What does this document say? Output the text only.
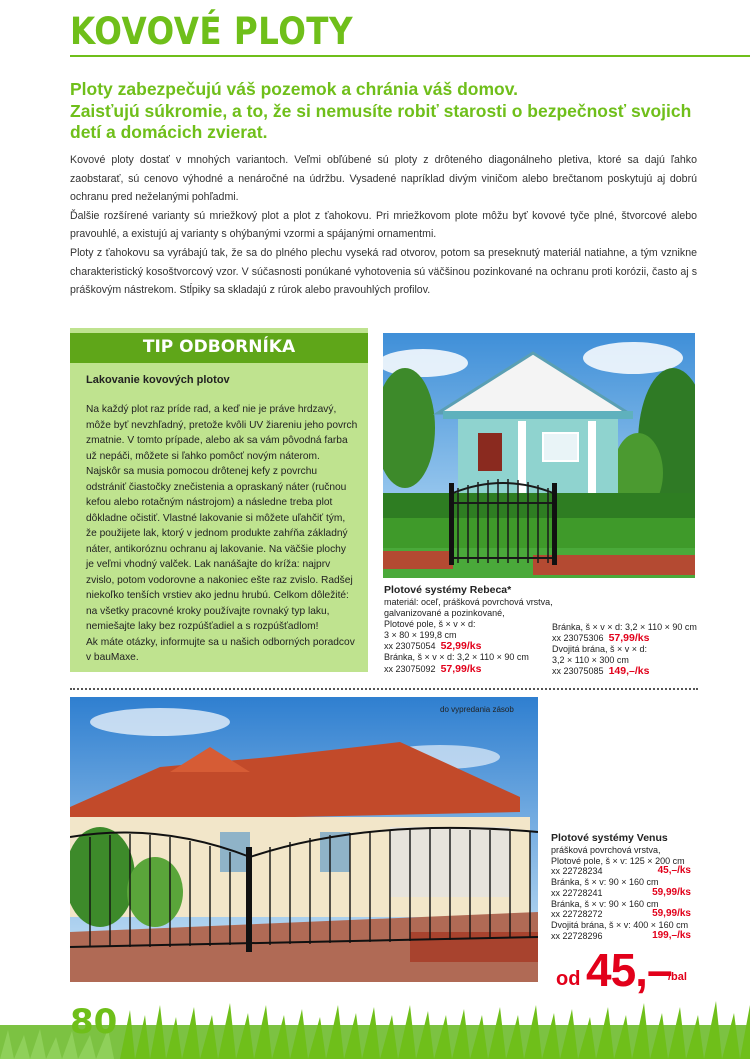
KOVOVÉ PLOTY
Ploty zabezpečujú váš pozemok a chránia váš domov.
Zaisťujú súkromie, a to, že si nemusíte robiť starosti o bezpečnosť svojich
detí a domácich zvierat.

Kovové ploty dostať v mnohých variantoch. Veľmi obľúbené sú ploty z drôteného diagonálneho pletiva, ktoré sa dajú ľahko zaobstarať, sú cenovo výhodné a nenáročné na údržbu. Vysadené napríklad divým viničom alebo brečtanom poskytujú aj dobrú ochranu pred neželanými pohľadmi.

Ďalšie rozšírené varianty sú mriežkový plot a plot z ťahokovu. Pri mriežkovom plote môžu byť kovové tyče plné, štvorcové alebo pravouhlé, a existujú aj varianty s ohýbanými vzormi a spájanými ornamentmi.

Ploty z ťahokovu sa vyrábajú tak, že sa do plného plechu vyseká rad otvorov, potom sa preseknutý materiál natiahne, a tým vznikne charakteristický kosoštvorcový vzor. V súčasnosti ponúkané vyhotovenia sú väčšinou pozinkované na ochranu proti korózii, často aj s práškovým nástrekom. Stĺpiky sa skladajú z rúrok alebo pravouhlých profilov.

TIP ODBORNÍKA
Lakovanie kovových plotov
Na každý plot raz príde rad, a keď nie je práve hrdzavý,
môže byť nevzhľadný, pretože kvôli UV žiareniu jeho povrch
zmatnie. V tomto prípade, alebo ak sa vám pôvodná farba
už nepáči, môžete si ľahko pomôcť novým náterom.
Najskôr sa musia pomocou drôtenej kefy z povrchu
odstrániť čiastočky znečistenia a opraskaný náter (ručnou
kefou alebo rotačným nástrojom) a následne treba plot
dôkladne očistiť. Vlastné lakovanie si môžete uľahčiť tým,
že použijete lak, ktorý v jednom produkte zahŕňa základný
náter, antikoróznu ochranu aj lakovanie. Na väčšie plochy
je veľmi vhodný valček. Lak nanášajte do kríža: najprv
zvislo, potom vodorovne a nakoniec ešte raz zvislo. Radšej
niekoľko tenších vrstiev ako jednu hrubú. Celkom dôležité:
na všetky pracovné kroky používajte rovnaký typ laku,
nemiešajte laky bez rozpúšťadiel a s rozpúšťadlom!
Ak máte otázky, informujte sa u našich odborných poradcov
v bauMaxe.
Plotové systémy Rebeca*
materiál: oceľ, prášková povrchová vrstva,
galvanizované a pozinkované,
Plotové pole, š × v × d:
3 × 80 × 199,8 cm
xx 23075054 52,99/ks
Bránka, š × v × d: 3,2 × 110 × 90 cm
xx 23075092 57,99/ks
Bránka, š × v × d: 3,2 × 110 × 90 cm
xx 23075306 57,99/ks
Dvojitá brána, š × v × d:
3,2 × 110 × 300 cm
xx 23075085 149,–/ks
do vypredania zásob
Plotové systémy Venus
prášková povrchová vrstva,
Plotové pole, š × v: 125 × 200 cm
xx 22728234	45,–/ks
Bránka, š × v: 90 × 160 cm
xx 22728241	59,99/ks
Bránka, š × v: 90 × 160 cm
xx 22728272	59,99/ks
Dvojitá brána, š × v: 400 × 160 cm
xx 22728296	199,–/ks
od 45,–
/bal
80
